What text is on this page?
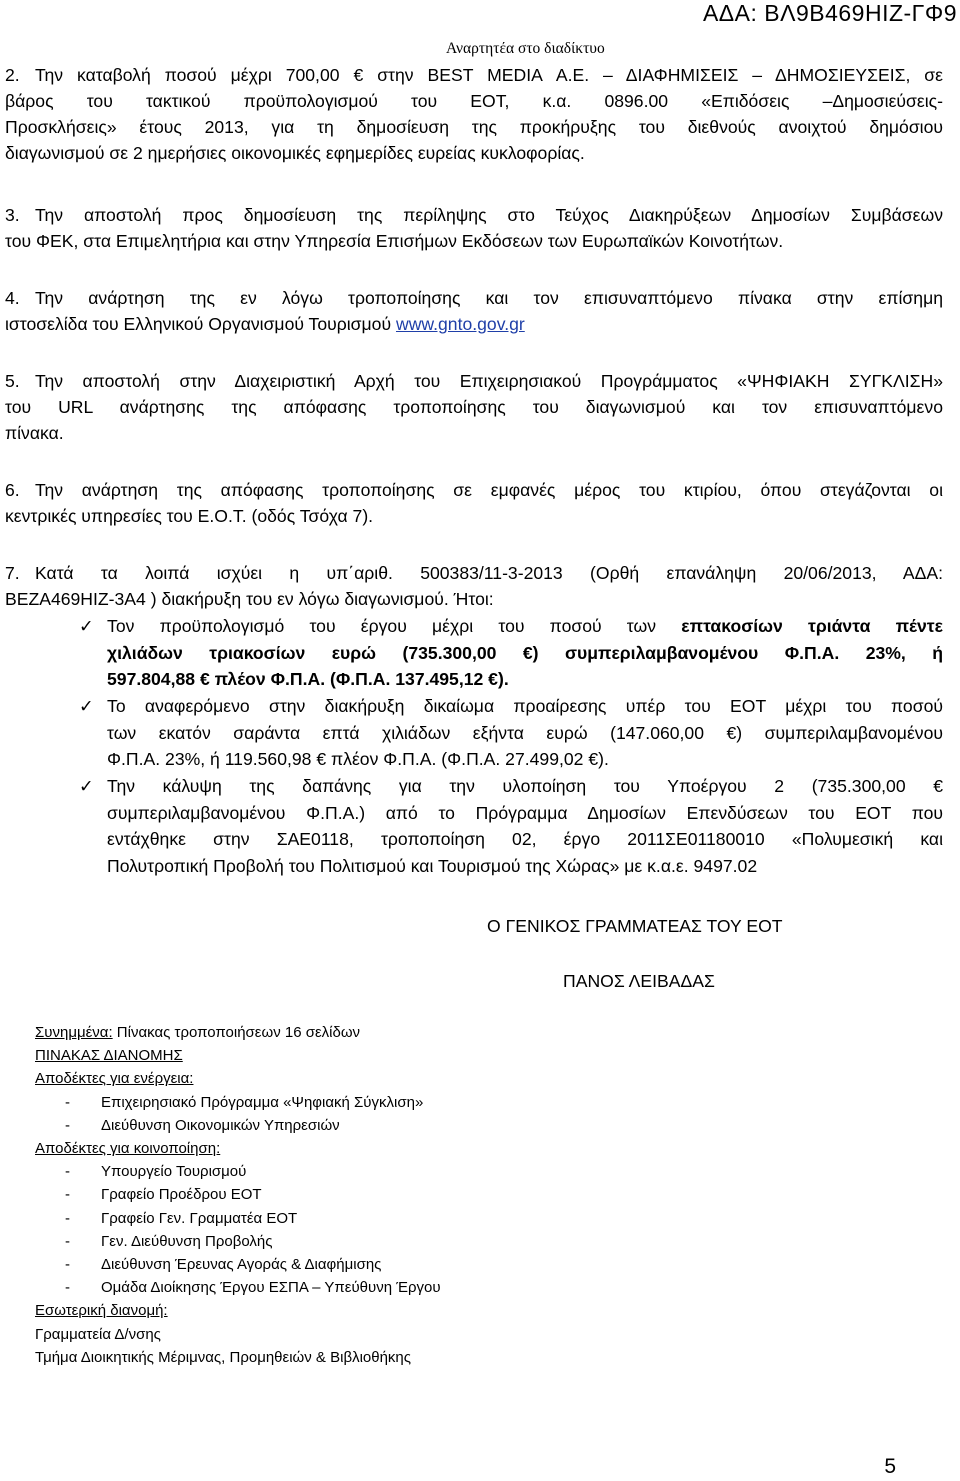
ΑΔΑ: ΒΛ9Β469ΗΙΖ-ΓΦ9
Αναρτητέα στο διαδίκτυο
2. Την καταβολή ποσού μέχρι 700,00 € στην BEST MEDIA Α.Ε. – ΔΙΑΦΗΜΙΣΕΙΣ – ΔΗΜΟΣΙΕΥΣΕΙΣ, σε
βάρος του τακτικού προϋπολογισμού του ΕΟΤ, κ.α. 0896.00 «Επιδόσεις –Δημοσιεύσεις-
Προσκλήσεις» έτους 2013, για τη δημοσίευση της προκήρυξης του διεθνούς ανοιχτού δημόσιου
διαγωνισμού σε 2 ημερήσιες οικονομικές εφημερίδες ευρείας κυκλοφορίας.
3. Την αποστολή προς δημοσίευση της περίληψης στο Τεύχος Διακηρύξεων Δημοσίων Συμβάσεων
του ΦΕΚ, στα Επιμελητήρια και στην Υπηρεσία Επισήμων Εκδόσεων των Ευρωπαϊκών Κοινοτήτων.
4. Την ανάρτηση της εν λόγω τροποποίησης και τον επισυναπτόμενο πίνακα στην επίσημη
ιστοσελίδα του Ελληνικού Οργανισμού Τουρισμού www.gnto.gov.gr
5. Την αποστολή στην Διαχειριστική Αρχή του Επιχειρησιακού Προγράμματος «ΨΗΦΙΑΚΗ ΣΥΓΚΛΙΣΗ»
του URL ανάρτησης της απόφασης τροποποίησης του διαγωνισμού και τον επισυναπτόμενο
πίνακα.
6. Την ανάρτηση της απόφασης τροποποίησης σε εμφανές μέρος του κτιρίου, όπου στεγάζονται οι
κεντρικές υπηρεσίες του Ε.Ο.Τ. (οδός Τσόχα 7).
7. Κατά τα λοιπά ισχύει η υπ΄αριθ. 500383/11-3-2013 (Ορθή επανάληψη 20/06/2013, ΑΔΑ:
ΒΕΖΑ469ΗΙΖ-3Α4 ) διακήρυξη του εν λόγω διαγωνισμού. Ήτοι:
✓ Τον προϋπολογισμό του έργου μέχρι του ποσού των επτακοσίων τριάντα πέντε
χιλιάδων τριακοσίων ευρώ (735.300,00 €) συμπεριλαμβανομένου Φ.Π.Α. 23%, ή
597.804,88 € πλέον Φ.Π.Α. (Φ.Π.Α. 137.495,12 €).
✓ Το αναφερόμενο στην διακήρυξη δικαίωμα προαίρεσης υπέρ του ΕΟΤ μέχρι του ποσού
των εκατόν σαράντα επτά χιλιάδων εξήντα ευρώ (147.060,00 €) συμπεριλαμβανομένου
Φ.Π.Α. 23%, ή 119.560,98 € πλέον Φ.Π.Α. (Φ.Π.Α. 27.499,02 €).
✓ Την κάλυψη της δαπάνης για την υλοποίηση του Υποέργου 2 (735.300,00 €
συμπεριλαμβανομένου Φ.Π.Α.) από το Πρόγραμμα Δημοσίων Επενδύσεων του ΕΟΤ που
εντάχθηκε στην ΣΑΕ0118, τροποποίηση 02, έργο 2011ΣΕ01180010 «Πολυμεσική και
Πολυτροπική Προβολή του Πολιτισμού και Τουρισμού της Χώρας» με κ.α.ε. 9497.02
Ο ΓΕΝΙΚΟΣ ΓΡΑΜΜΑΤΕΑΣ ΤΟΥ ΕΟΤ
ΠΑΝΟΣ ΛΕΙΒΑΔΑΣ
Συνημμένα: Πίνακας τροποποιήσεων 16 σελίδων
ΠΙΝΑΚΑΣ ΔΙΑΝΟΜΗΣ
Αποδέκτες για ενέργεια:
- Επιχειρησιακό Πρόγραμμα «Ψηφιακή Σύγκλιση»
- Διεύθυνση Οικονομικών Υπηρεσιών
Αποδέκτες για κοινοποίηση:
- Υπουργείο Τουρισμού
- Γραφείο Προέδρου ΕΟΤ
- Γραφείο Γεν. Γραμματέα ΕΟΤ
- Γεν. Διεύθυνση Προβολής
- Διεύθυνση Έρευνας Αγοράς & Διαφήμισης
- Ομάδα Διοίκησης Έργου ΕΣΠΑ – Υπεύθυνη Έργου
Εσωτερική διανομή:
Γραμματεία Δ/νσης
Τμήμα Διοικητικής Μέριμνας, Προμηθειών & Βιβλιοθήκης
5
